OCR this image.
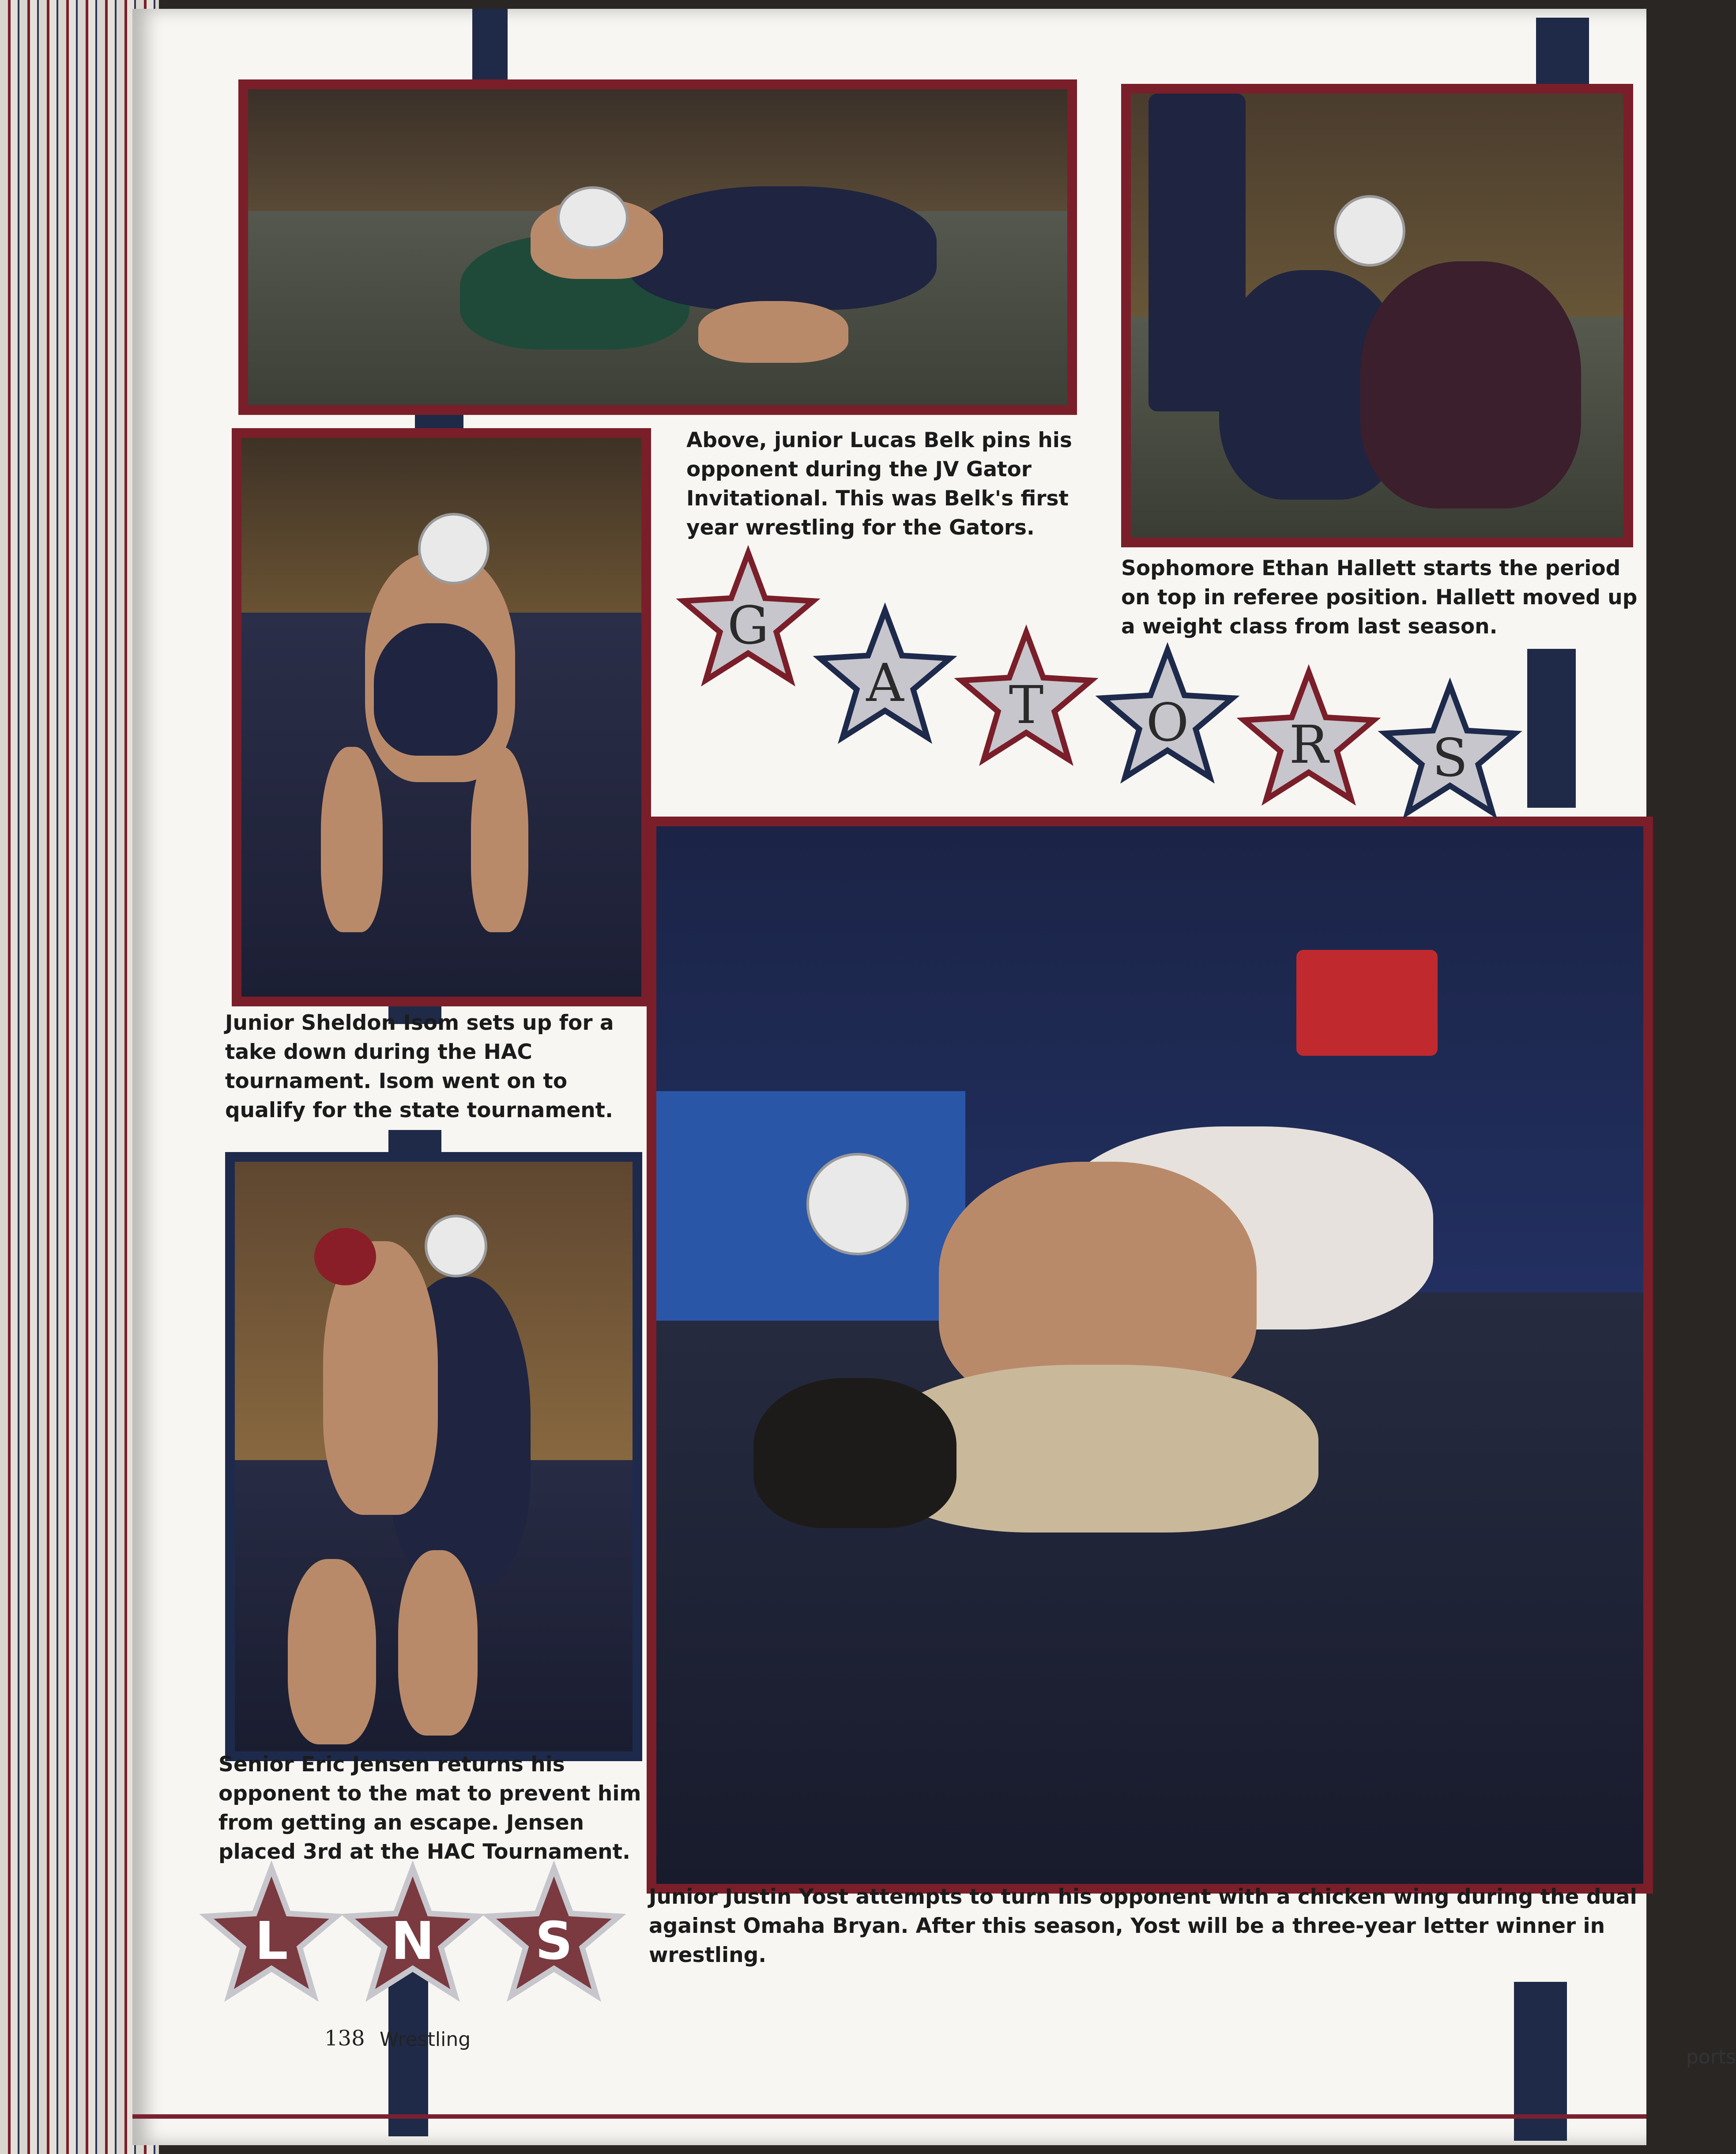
Above, junior Lucas Belk pins his opponent during the JV Gator Invitational. This was Belk's first year wrestling for the Gators.

Sophomore Ethan Hallett starts the period on top in referee position. Hallett moved up a weight class from last season.

Junior Sheldon Isom sets up for a take down during the HAC tournament. Isom went on to qualify for the state tournament.

Senior Eric Jensen returns his opponent to the mat to prevent him from getting an escape. Jensen placed 3rd at the HAC Tournament.

Junior Justin Yost attempts to turn his opponent with a chicken wing during the dual against Omaha Bryan. After this season, Yost will be a three-year letter winner in wrestling.

G
A	T	O	R	S
L	N	S
138 Wrestling
ports
